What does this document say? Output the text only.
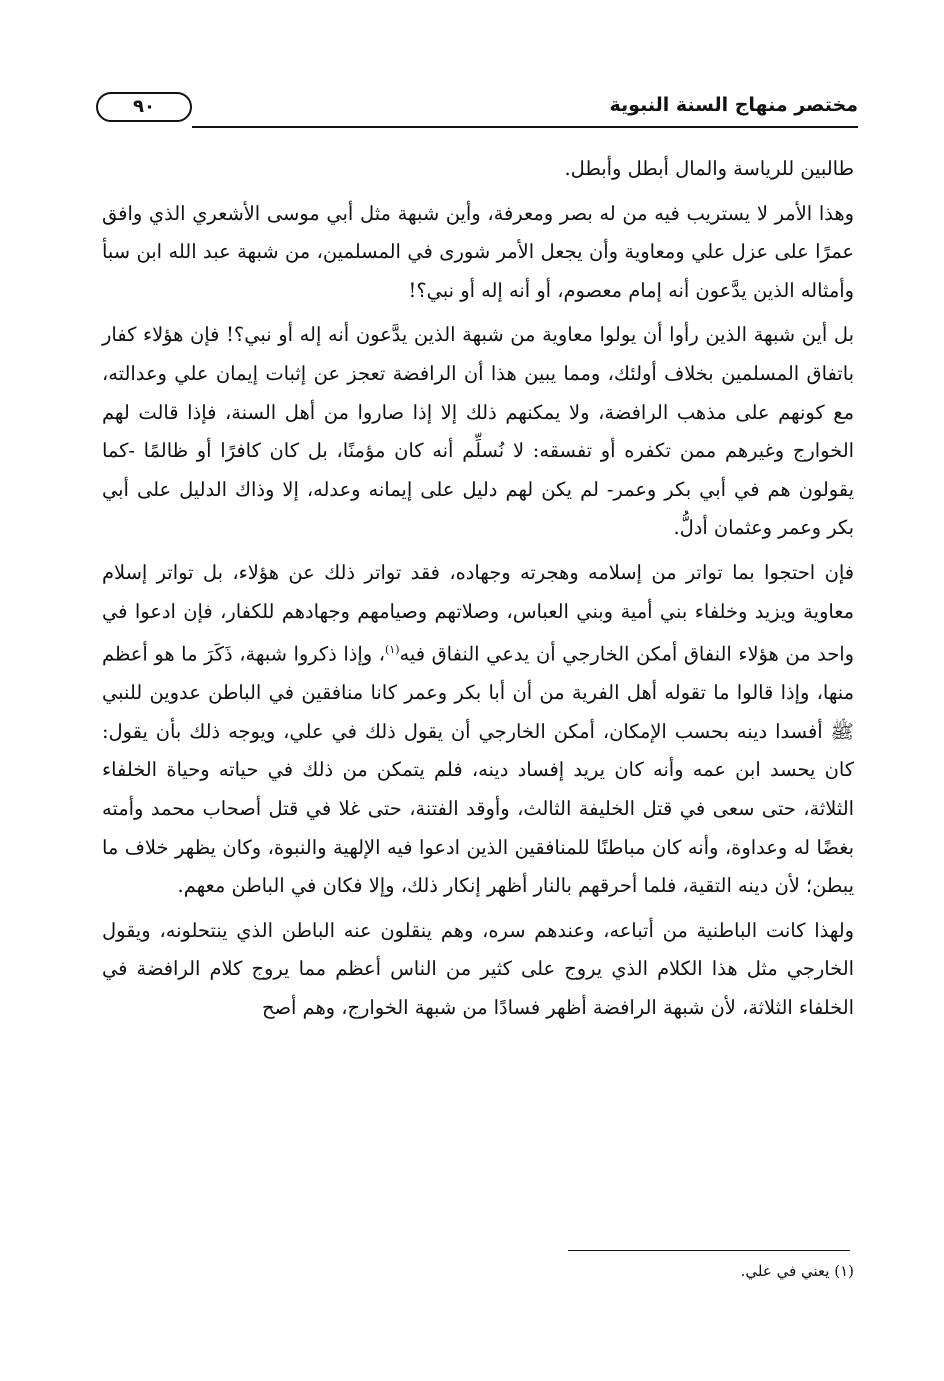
مختصر منهاج السنة النبوية
٩٠

طالبين للرياسة والمال أبطل وأبطل.

وهذا الأمر لا يستريب فيه من له بصر ومعرفة، وأين شبهة مثل أبي موسى الأشعري الذي وافق عمرًا على عزل علي ومعاوية وأن يجعل الأمر شورى في المسلمين، من شبهة عبد الله ابن سبأ وأمثاله الذين يدَّعون أنه إمام معصوم، أو أنه إله أو نبي؟!

بل أين شبهة الذين رأوا أن يولوا معاوية من شبهة الذين يدَّعون أنه إله أو نبي؟! فإن هؤلاء كفار باتفاق المسلمين بخلاف أولئك، ومما يبين هذا أن الرافضة تعجز عن إثبات إيمان علي وعدالته، مع كونهم على مذهب الرافضة، ولا يمكنهم ذلك إلا إذا صاروا من أهل السنة، فإذا قالت لهم الخوارج وغيرهم ممن تكفره أو تفسقه: لا نُسلِّم أنه كان مؤمنًا، بل كان كافرًا أو ظالمًا -كما يقولون هم في أبي بكر وعمر- لم يكن لهم دليل على إيمانه وعدله، إلا وذاك الدليل على أبي بكر وعمر وعثمان أدلُّ.

فإن احتجوا بما تواتر من إسلامه وهجرته وجهاده، فقد تواتر ذلك عن هؤلاء، بل تواتر إسلام معاوية ويزيد وخلفاء بني أمية وبني العباس، وصلاتهم وصيامهم وجهادهم للكفار، فإن ادعوا في واحد من هؤلاء النفاق أمكن الخارجي أن يدعي النفاق فيه$^{(١)}$، وإذا ذكروا شبهة، ذَكَرَ ما هو أعظم منها، وإذا قالوا ما تقوله أهل الفرية من أن أبا بكر وعمر كانا منافقين في الباطن عدوين للنبي ﷺ أفسدا دينه بحسب الإمكان، أمكن الخارجي أن يقول ذلك في علي، ويوجه ذلك بأن يقول: كان يحسد ابن عمه وأنه كان يريد إفساد دينه، فلم يتمكن من ذلك في حياته وحياة الخلفاء الثلاثة، حتى سعى في قتل الخليفة الثالث، وأوقد الفتنة، حتى غلا في قتل أصحاب محمد وأمته بغضًا له وعداوة، وأنه كان مباطنًا للمنافقين الذين ادعوا فيه الإلهية والنبوة، وكان يظهر خلاف ما يبطن؛ لأن دينه التقية، فلما أحرقهم بالنار أظهر إنكار ذلك، وإلا فكان في الباطن معهم.

ولهذا كانت الباطنية من أتباعه، وعندهم سره، وهم ينقلون عنه الباطن الذي ينتحلونه، ويقول الخارجي مثل هذا الكلام الذي يروج على كثير من الناس أعظم مما يروج كلام الرافضة في الخلفاء الثلاثة، لأن شبهة الرافضة أظهر فسادًا من شبهة الخوارج، وهم أصح

(١) يعني في علي.
